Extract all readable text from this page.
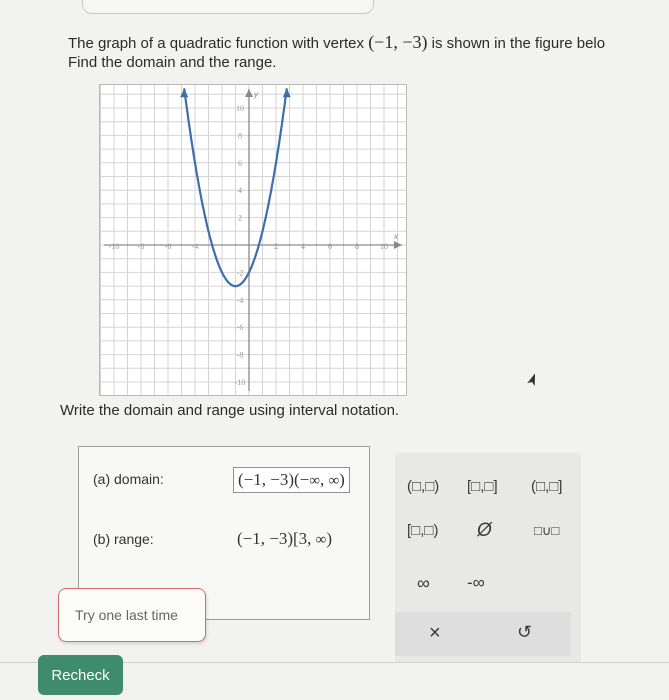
The graph of a quadratic function with vertex (−1, −3) is shown in the figure belo
Find the domain and the range.
-10 -8	-6	-4	2	4	6	8	10
10
8
6
4
2
-2
-4
-6
-8
-10
x
y
Write the domain and range using interval notation.
(a) domain:	(−1, −3)(−∞, ∞)
(b) range:	(−1, −3)[3, ∞)
(□,□) [□,□] (□,□]
[□,□) Ø	□∪□
∞ -∞
×	↺
Try one last time
Recheck
